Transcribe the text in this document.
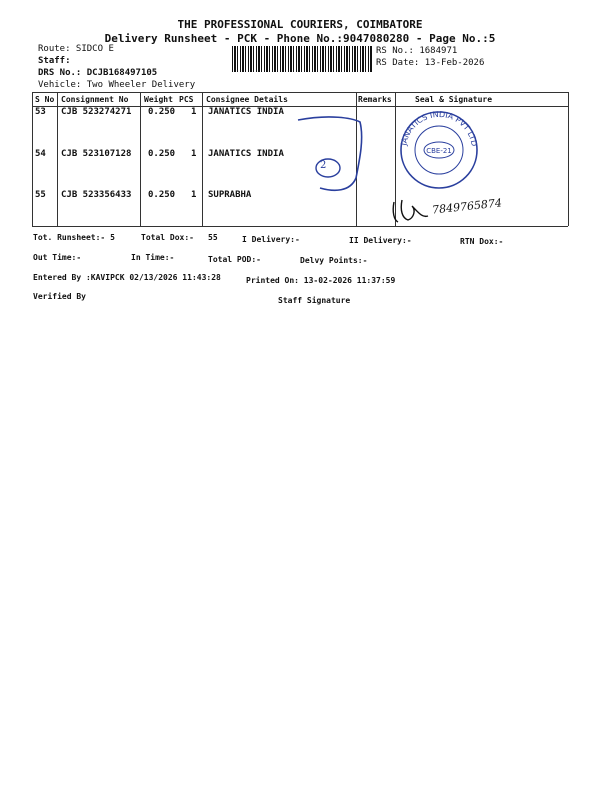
THE PROFESSIONAL COURIERS, COIMBATORE
Delivery Runsheet - PCK - Phone No.:9047080280 - Page No.:5
Route: SIDCO E
Staff:
DRS No.: DCJB168497105
Vehicle: Two Wheeler Delivery
RS No.: 1684971
RS Date: 13-Feb-2026
S No Consignment No Weight PCS Consignee Details	Remarks	Seal & Signature
53 CJB 523274271 0.250 1 JANATICS INDIA
54 CJB 523107128 0.250 1 JANATICS INDIA
55 CJB 523356433 0.250 1 SUPRABHA
2
JANATICS INDIA PVT LTD
CBE-21
7849765874
Tot. Runsheet:- 5	Total Dox:- 55	I Delivery:-	II Delivery:-	RTN Dox:-
Out Time:-	In Time:-	Total POD:-	Delvy Points:-
Entered By :KAVIPCK 02/13/2026 11:43:28	Printed On: 13-02-2026 11:37:59
Verified By	Staff Signature
